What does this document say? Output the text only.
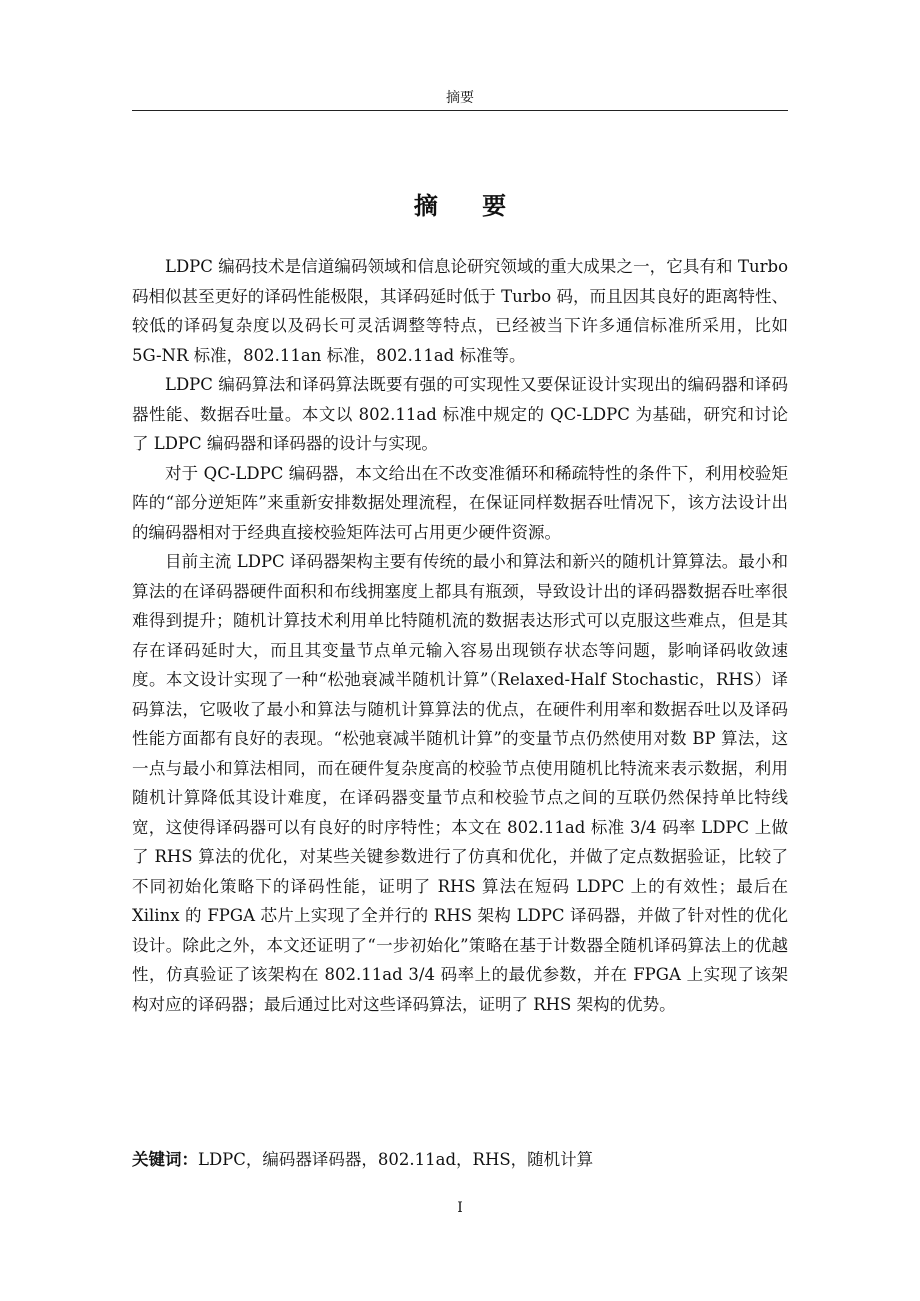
摘要
摘 要

LDPC 编码技术是信道编码领域和信息论研究领域的重大成果之一，它具有和 Turbo 码相似甚至更好的译码性能极限，其译码延时低于 Turbo 码，而且因其良好的距离特性、较低的译码复杂度以及码长可灵活调整等特点，已经被当下许多通信标准所采用，比如 5G-NR 标准，802.11an 标准，802.11ad 标准等。

LDPC 编码算法和译码算法既要有强的可实现性又要保证设计实现出的编码器和译码器性能、数据吞吐量。本文以 802.11ad 标准中规定的 QC-LDPC 为基础，研究和讨论了 LDPC 编码器和译码器的设计与实现。

对于 QC-LDPC 编码器，本文给出在不改变准循环和稀疏特性的条件下，利用校验矩阵的“部分逆矩阵”来重新安排数据处理流程，在保证同样数据吞吐情况下，该方法设计出的编码器相对于经典直接校验矩阵法可占用更少硬件资源。

目前主流 LDPC 译码器架构主要有传统的最小和算法和新兴的随机计算算法。最小和算法的在译码器硬件面积和布线拥塞度上都具有瓶颈，导致设计出的译码器数据吞吐率很难得到提升；随机计算技术利用单比特随机流的数据表达形式可以克服这些难点，但是其存在译码延时大，而且其变量节点单元输入容易出现锁存状态等问题，影响译码收敛速度。本文设计实现了一种“松弛衰减半随机计算”（Relaxed-Half Stochastic，RHS）译码算法，它吸收了最小和算法与随机计算算法的优点，在硬件利用率和数据吞吐以及译码性能方面都有良好的表现。“松弛衰减半随机计算”的变量节点仍然使用对数 BP 算法，这一点与最小和算法相同，而在硬件复杂度高的校验节点使用随机比特流来表示数据，利用随机计算降低其设计难度，在译码器变量节点和校验节点之间的互联仍然保持单比特线宽，这使得译码器可以有良好的时序特性；本文在 802.11ad 标准 3/4 码率 LDPC 上做了 RHS 算法的优化，对某些关键参数进行了仿真和优化，并做了定点数据验证，比较了不同初始化策略下的译码性能，证明了 RHS 算法在短码 LDPC 上的有效性；最后在 Xilinx 的 FPGA 芯片上实现了全并行的 RHS 架构 LDPC 译码器，并做了针对性的优化设计。除此之外，本文还证明了“一步初始化”策略在基于计数器全随机译码算法上的优越性，仿真验证了该架构在 802.11ad 3/4 码率上的最优参数，并在 FPGA 上实现了该架构对应的译码器；最后通过比对这些译码算法，证明了 RHS 架构的优势。

关键词：LDPC，编码器译码器，802.11ad，RHS，随机计算
I
